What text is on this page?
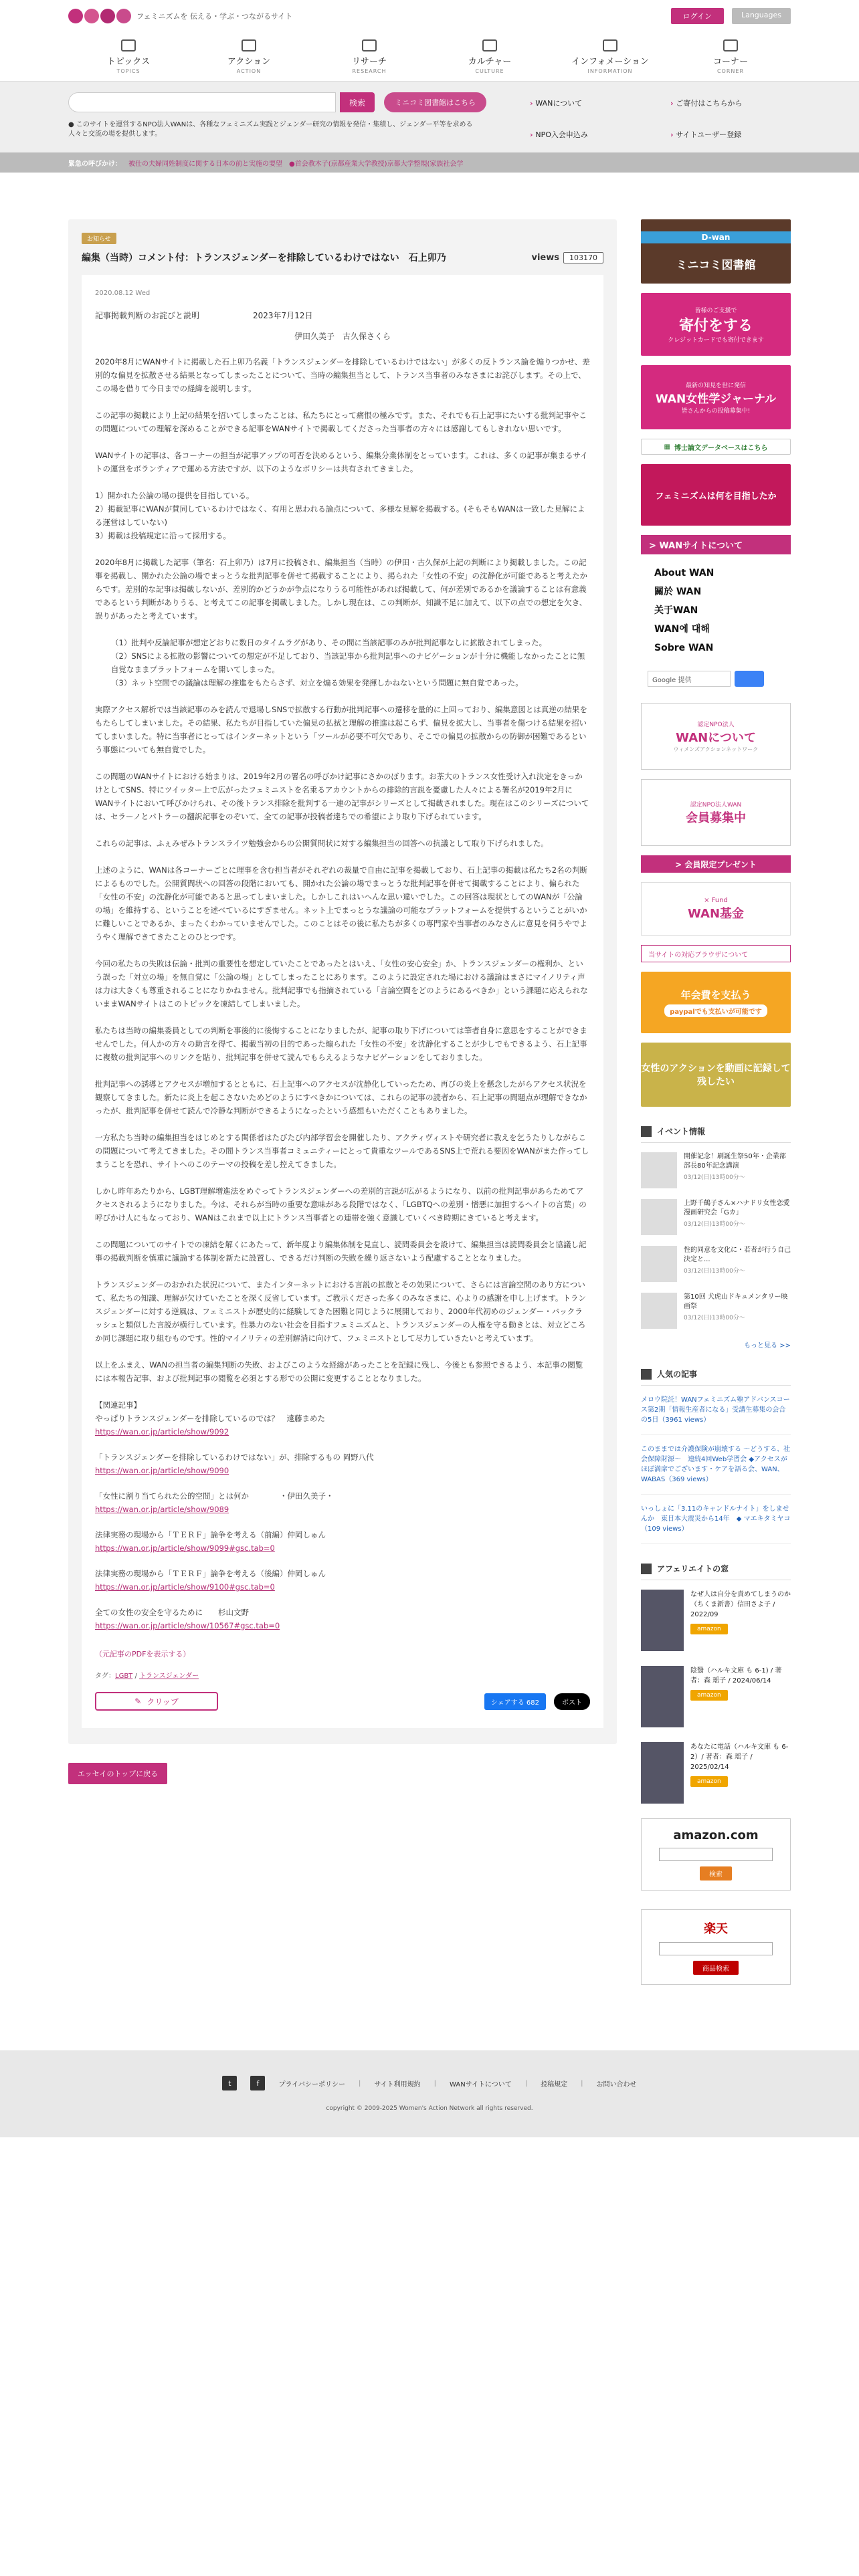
フェミニズムを 伝える・学ぶ・つながるサイト	ログイン	Languages
トピックス
TOPICS
アクション
ACTION
リサーチ
RESEARCH
カルチャー
CULTURE
インフォメーション
INFORMATION
コーナー
CORNER
検索	ミニコミ図書館はこちら
● このサイトを運営するNPO法人WANは、各種なフェミニズム実践とジェンダー研究の情報を発信・集積し、ジェンダー平等を求める人々と交流の場を提供します。
› WANについて	› ご寄付はこちらから
› NPO入会申込み	› サイトユーザー登録
緊急の呼びかけ： 被仕の夫婦同姓制度に関する日本の前と実施の要望 ●首会教木子(京都産業大学教授)京都大学整規(家族社会学
お知らせ
編集（当時）コメント付：トランスジェンダーを排除しているわけではない　石上卯乃	views	103170
2020.08.12 Wed
記事掲載判断のお詫びと説明	2023年7月12日
伊田久美子　古久保さくら

2020年8月にWANサイトに掲載した石上卯乃名義「トランスジェンダーを排除しているわけではない」が多くの反トランス論を煽りつかせ、差別的な偏見を拡散させる結果となってしまったことについて、当時の編集担当として、トランス当事者のみなさまにお詫びします。その上で、この場を借りて今日までの経緯を説明します。

この記事の掲載により上記の結果を招いてしまったことは、私たちにとって痛恨の極みです。また、それでも石上記事にたいする批判記事やこの問題についての理解を深めることができる記事をWANサイトで掲載してくださった当事者の方々には感謝してもしきれない思いです。

WANサイトの記事は、各コーナーの担当が記事アップの可否を決めるという、編集分業体制をとっています。これは、多くの記事が集まるサイトの運営をボランティアで運める方法ですが、以下のようなポリシーは共有されてきました。

1）開かれた公論の場の提供を目指している。
2）掲載記事にWANが賛同しているわけではなく、有用と思われる論点について、多様な見解を掲載する。(そもそもWANは一致した見解による運営はしていない)
3）掲載は投稿規定に沿って採用する。

2020年8月に掲載した記事（筆名：石上卯乃）は7月に投稿され、編集担当（当時）の伊田・古久保が上記の判断により掲載しました。この記事を掲載し、開かれた公論の場でまっとうな批判記事を併せて掲載することにより、掲られた「女性の不安」の沈静化が可能であると考えたからです。差別的な記事は掲載しないが、差別的かどうかが争点になりうる可能性があれば掲載して、何が差別であるかを議論することは有意義であるという判断がありうる、と考えてこの記事を掲載しました。しかし現在は、この判断が、知識不足に加えて、以下の点での想定を欠き、誤りがあったと考えています。

（1）批判や反論記事が想定どおりに数日のタイムラグがあり、その間に当該記事のみが批判記事なしに拡散されてしまった。
（2）SNSによる拡散の影響についての想定が不足しており、当該記事から批判記事へのナビゲーションが十分に機能しなかったことに無自覚なままプラットフォームを開いてしまった。
（3）ネット空間での議論は理解の推進をもたらさず、対立を煽る効果を発揮しかねないという問題に無自覚であった。

実際アクセス解析では当該記事のみを読んで退場しSNSで拡散する行動が批判記事への遷移を量的に上回っており、編集意図とは真逆の結果をもたらしてしまいました。その結果、私たちが目指していた偏見の払拭と理解の推進は起こらず、偏見を拡大し、当事者を傷つける結果を招いてしまいました。特に当事者にとってはインターネットという「ツールが必要不可欠であり、そこでの偏見の拡散からの防御が困難であるという事態についても無自覚でした。

この問題のWANサイトにおける始まりは、2019年2月の署名の呼びかけ記事にさかのぼります。お茶大のトランス女性受け入れ決定をきっかけとしてSNS、特にツイッター上で広がったフェミニストを名乗るアカウントからの排除的言説を憂慮した人々による署名が2019年2月にWANサイトにおいて呼びかけられ、その後トランス排除を批判する一連の記事がシリーズとして掲載されました。現在はこのシリーズについては、セラーノとパトラーの翻訳記事をのぞいて、全ての記事が投稿者達ちでの希望により取り下げられています。

これらの記事は、ふぇみぜみトランスライツ勉強会からの公開質問状に対する編集担当の回答への抗議として取り下げられました。

上述のように、WANは各コーナーごとに理事を含む担当者がそれぞれの裁量で自由に記事を掲載しており、石上記事の掲載は私たち2名の判断によるものでした。公開質問状への回答の段階においても、開かれた公論の場でまっとうな批判記事を併せて掲載することにより、偏られた「女性の不安」の沈静化が可能であると思ってしまいました。しかしこれはいへんな思い違いでした。この回答は現状としてのWANが「公論の場」を維持する、ということを述べているにすぎません。ネット上でまっとうな議論の可能なプラットフォームを提供するということがいかに難しいことであるか、まったくわかっていませんでした。このことはその後に私たちが多くの専門家や当事者のみなさんに意見を伺うやでようやく理解できてきたことのひとつです。

今回の私たちの失敗は伝論・批判の重要性を想定していたことであったとはいえ、「女性の安心安全」か、トランスジェンダーの権利か、という誤った「対立の場」を無自覚に「公論の場」としてしまったことにあります。このように設定された場における議論はまさにマイノリティ声は力は大きくも尊重されることになりかねません。批判記事でも指摘されている「言論空間をどのようにあるべきか」という課題に応えられないままWANサイトはこのトピックを凍結してしまいました。

私たちは当時の編集委員としての判断を事後的に後悔することになりましたが、記事の取り下げについては筆者自身に意思をすることができませんでした。何人かの方々の助言を得て、掲載当初の目的であった煽られた「女性の不安」を沈静化することが少しでもできるよう、石上記事に複数の批判記事へのリンクを貼り、批判記事を併せて読んでもらえるようなナビゲーションをしておりました。

批判記事への誘導とアクセスが増加するとともに、石上記事へのアクセスが沈静化していったため、再びの炎上を懸念したがらアクセス状況を観察してきました。新たに炎上を起こさないためどのようにすべきかについては、これらの記事の読者から、石上記事の問題点が理解できなかったが、批判記事を併せて読んで冷静な判断ができるようになったという感想もいただくこともありました。

一方私たち当時の編集担当をはじめとする関係者はたびたび内部学習会を開催したり、アクティヴィストや研究者に教えを乞うたりしながらこの問題について考えてきました。その間トランス当事者コミュニティーにとって貴重なツールであるSNS上で荒れる要因をWANがまた作ってしまうことを恐れ、サイトへのこのテーマの投稿を差し控えてきました。

しかし昨年あたりから、LGBT理解増進法をめぐってトランスジェンダーへの差別的言説が広がるようになり、以前の批判記事があらためてアクセスされるようになりました。今は、それらが当時の重要な意味がある段階ではなく、「LGBTQへの差別・憎悪に加担するヘイトの言葉」の呼びかけ人にもなっており、WANはこれまで以上にトランス当事者との連帯を強く意識していくべき時期にきていると考えます。

この問題についてのサイトでの凍結を解くにあたって、新年度より編集体制を見直し、読問委員会を設けて、編集担当は読問委員会と協議し記事の掲載判断を慎重に議論する体制を新たに設置し、できるだけ判断の失敗を繰り返さないよう配慮することとなりました。

トランスジェンダーのおかれた状況について、またインターネットにおける言説の拡散とその効果について、さらには言論空間のあり方について、私たちの知識、理解が欠けていたことを深く反省しています。ご教示くださった多くのみなさまに、心よりの感謝を申し上げます。トランスジェンダーに対する逆風は、フェミニストが歴史的に経験してきた困難と同じように展開しており、2000年代初めのジェンダー・バックラッシュと類似した言説が横行しています。性暴力のない社会を目指すフェミニズムと、トランスジェンダーの人権を守る動きとは、対立どころか同じ課題に取り組むものです。性的マイノリティの差別解消に向けて、フェミニストとして尽力していきたいと考えています。

以上をふまえ、WANの担当者の編集判断の失敗、およびこのような経緯があったことを記録に残し、今後とも参照できるよう、本記事の閲覧には本報告記事、および批判記事の閲覧を必須とする形での公開に変更することとなりました。

【関連記事】
やっぱりトランスジェンダーを排除しているのでは？　遠藤まめた
https://wan.or.jp/article/show/9092
「トランスジェンダーを排除しているわけではない」が、排除するもの 岡野八代
https://wan.or.jp/article/show/9090
「女性に割り当てられた公的空間」とは何か　　　　・伊田久美子・
https://wan.or.jp/article/show/9089
法律実務の現場から「ＴＥＲＦ」論争を考える（前編）仲岡しゅん
https://wan.or.jp/article/show/9099#gsc.tab=0
法律実務の現場から「ＴＥＲＦ」論争を考える（後編）仲岡しゅん
https://wan.or.jp/article/show/9100#gsc.tab=0
全ての女性の安全を守るために　　杉山文野
https://wan.or.jp/article/show/10567#gsc.tab=0
（元記事のPDFを表示する）
タグ：LGBT / トランスジェンダー
✎ クリップ	シェアする 682	ポスト
エッセイのトップに戻る
D-wan
ミニコミ図書館
皆様のご支援で
寄付をする
クレジットカードでも寄付できます
最新の知見を世に発信
WAN女性学ジャーナル
皆さんからの投稿募集中!
▦ 博士論文データベースはこちら
フェミニズムは何を目指したか
> WANサイトについて
About WAN
關於 WAN
关于WAN
WAN에 대해
Sobre WAN
Google 提供
認定NPO法人
WANについて
ウィメンズアクションネットワーク
認定NPO法人WAN
会員募集中
> 会員限定プレゼント
× Fund
WAN基金
当サイトの対応ブラウザについて
年会費を支払う
paypalでも支払いが可能です
女性のアクションを動画に記録して残したい
イベント情報
開催記念！刷誕生祭50年・企業部部長80年記念講演
03/12(日)13時00分〜
上野千鶴子さん×ハナドリ女性恋愛漫画研究会「Gカ」
03/12(日)13時00分〜
性的同意を文化に・若者が行う自己決定と...
03/12(日)13時00分〜
第10回 犬虎山ドキュメンタリー映画祭
03/12(日)13時00分〜
もっと見る >>
人気の記事
メロウ院託！WANフェミニズム塾アドバンスコース第2期「情報生産者になる」受講生募集の会合の5日（3961 views）
このままでは介護保険が崩壊する ～どうする、社会保障財源～　連続4回Web学習会 ◆アクセスがほぼ満席でございます・ケアを語る会、WAN、WABAS（369 views）
いっしょに「3.11のキャンドルナイト」をしませんか　東日本大震災から14年　◆ マエキタミヤコ（109 views）
アフェリエイトの窓
なぜ人は自分を責めてしまうのか（ちくま新書）信田さよ子 / 2022/09
amazon
陰翳（ハルキ文庫 も 6-1) / 著者：森 瑶子 / 2024/06/14
amazon
あなたに電話（ハルキ文庫 も 6-2）/ 著者：森 瑶子 / 2025/02/14
amazon
amazon.com
検索
楽天
商品検索
t	f	プライバシーポリシー | サイト利用規約 | WANサイトについて | 投稿規定 | お問い合わせ
copyright © 2009-2025 Women's Action Network all rights reserved.
